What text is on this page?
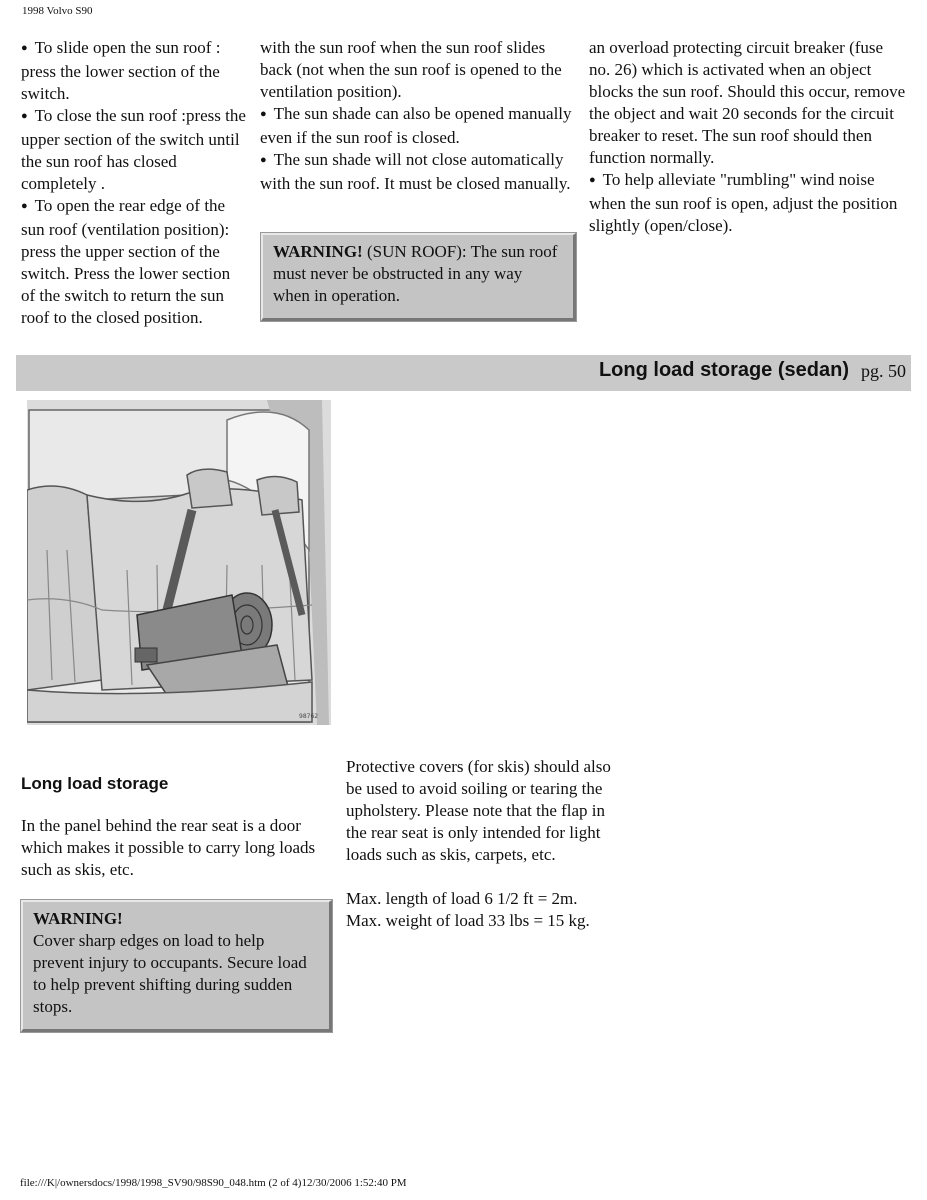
1998 Volvo S90

● To slide open the sun roof : press the lower section of the switch.

● To close the sun roof :press the upper section of the switch until the sun roof has closed completely .

● To open the rear edge of the sun roof (ventilation position): press the upper section of the switch. Press the lower section of the switch to return the sun roof to the closed position.

with the sun roof when the sun roof slides back (not when the sun roof is opened to the ventilation position).

● The sun shade can also be opened manually even if the sun roof is closed.

● The sun shade will not close automatically with the sun roof. It must be closed manually.

WARNING! (SUN ROOF): The sun roof must never be obstructed in any way when in operation.

an overload protecting circuit breaker (fuse no. 26) which is activated when an object blocks the sun roof. Should this occur, remove the object and wait 20 seconds for the circuit breaker to reset. The sun roof should then function normally.

● To help alleviate "rumbling" wind noise when the sun roof is open, adjust the position slightly (open/close).

Long load storage (sedan) pg. 50
98762
Long load storage
In the panel behind the rear seat is a door which makes it possible to carry long loads such as skis, etc.
WARNING!
Cover sharp edges on load to help prevent injury to occupants. Secure load to help prevent shifting during sudden stops.

Protective covers (for skis) should also be used to avoid soiling or tearing the upholstery. Please note that the flap in the rear seat is only intended for light loads such as skis, carpets, etc.

Max. length of load 6 1/2 ft = 2m.

Max. weight of load 33 lbs = 15 kg.

file:///K|/ownersdocs/1998/1998_SV90/98S90_048.htm (2 of 4)12/30/2006 1:52:40 PM
